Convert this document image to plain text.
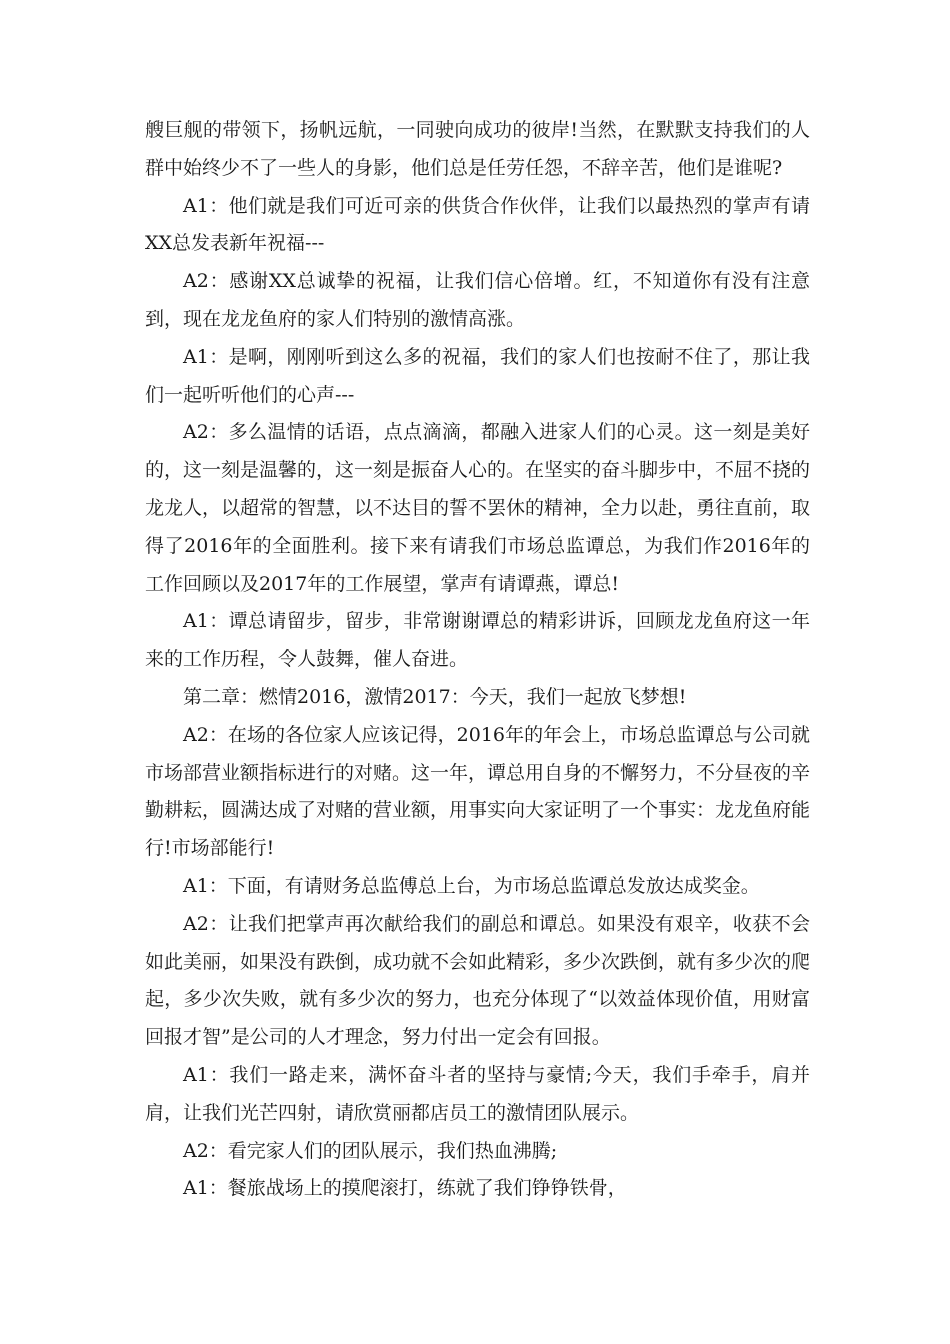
艘巨舰的带领下，扬帆远航，一同驶向成功的彼岸!当然，在默默支持我们的人群中始终少不了一些人的身影，他们总是任劳任怨，不辞辛苦，他们是谁呢?

A1：他们就是我们可近可亲的供货合作伙伴，让我们以最热烈的掌声有请XX总发表新年祝福---

A2：感谢XX总诚挚的祝福，让我们信心倍增。红，不知道你有没有注意到，现在龙龙鱼府的家人们特别的激情高涨。

A1：是啊，刚刚听到这么多的祝福，我们的家人们也按耐不住了，那让我们一起听听他们的心声---

A2：多么温情的话语，点点滴滴，都融入进家人们的心灵。这一刻是美好的，这一刻是温馨的，这一刻是振奋人心的。在坚实的奋斗脚步中，不屈不挠的龙龙人，以超常的智慧，以不达目的誓不罢休的精神，全力以赴，勇往直前，取得了2016年的全面胜利。接下来有请我们市场总监谭总，为我们作2016年的工作回顾以及2017年的工作展望，掌声有请谭燕，谭总!

A1：谭总请留步，留步，非常谢谢谭总的精彩讲诉，回顾龙龙鱼府这一年来的工作历程，令人鼓舞，催人奋进。

第二章：燃情2016，激情2017：今天，我们一起放飞梦想!

A2：在场的各位家人应该记得，2016年的年会上，市场总监谭总与公司就市场部营业额指标进行的对赌。这一年，谭总用自身的不懈努力，不分昼夜的辛勤耕耘，圆满达成了对赌的营业额，用事实向大家证明了一个事实：龙龙鱼府能行!市场部能行!

A1：下面，有请财务总监傅总上台，为市场总监谭总发放达成奖金。

A2：让我们把掌声再次献给我们的副总和谭总。如果没有艰辛，收获不会如此美丽，如果没有跌倒，成功就不会如此精彩，多少次跌倒，就有多少次的爬起，多少次失败，就有多少次的努力，也充分体现了“以效益体现价值，用财富回报才智”是公司的人才理念，努力付出一定会有回报。

A1：我们一路走来，满怀奋斗者的坚持与豪情;今天，我们手牵手，肩并肩，让我们光芒四射，请欣赏丽都店员工的激情团队展示。

A2：看完家人们的团队展示，我们热血沸腾;

A1：餐旅战场上的摸爬滚打，练就了我们铮铮铁骨，
